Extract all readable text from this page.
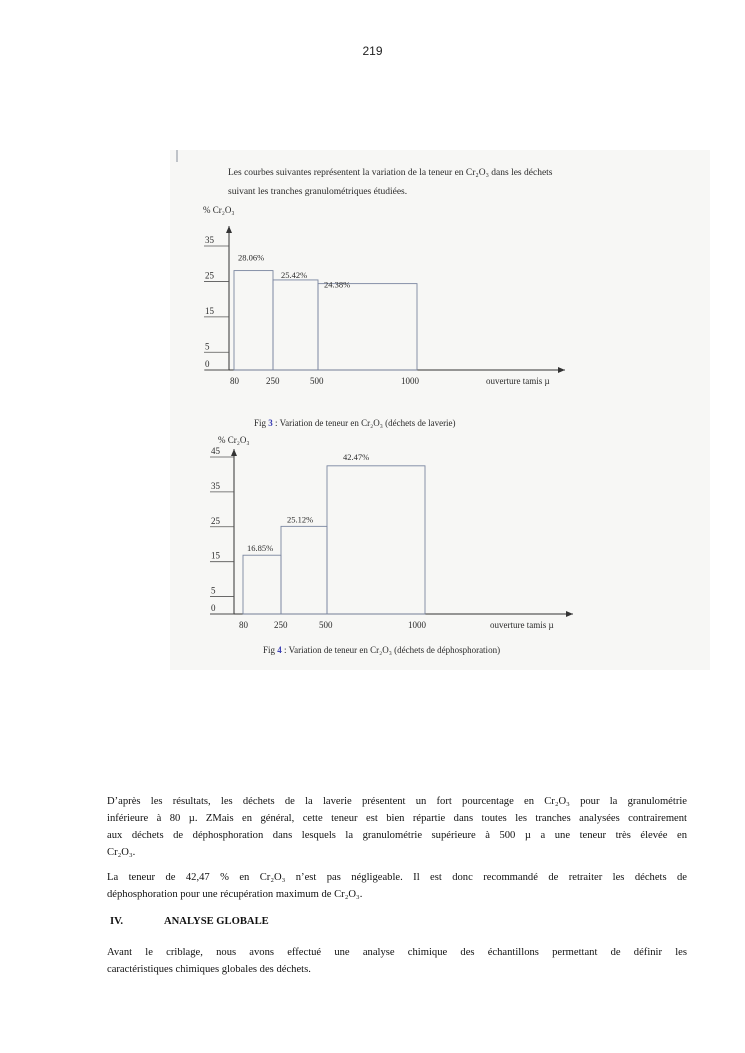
219
Les courbes suivantes représentent la variation de la teneur en Cr₂O₃ dans les déchets
suivant les tranches granulométriques étudiées.
0
5
15
25
35
28.06%
25.42%
24.38%
80	250	500	1000	ouverture tamis µ
% Cr₂O₃
Fig 3 : Variation de teneur en Cr₂O₃ (déchets de laverie)
0
5
15
25
35
45
16.85%
25.12%
42.47%
80	250	500	1000	ouverture tamis µ
% Cr₂O₃
Fig 4 : Variation de teneur en Cr₂O₃ (déchets de déphosphoration)
D’après les résultats, les déchets de la laverie présentent un fort pourcentage en Cr₂O₃ pour la granulométrie
inférieure à 80 µ. ZMais en général, cette teneur est bien répartie dans toutes les tranches analysées contrairement
aux déchets de déphosphoration dans lesquels la granulométrie supérieure à 500 µ a une teneur très élevée en
Cr₂O₃.
La teneur de 42,47 % en Cr₂O₃ n’est pas négligeable. Il est donc recommandé de retraiter les déchets de
déphosphoration pour une récupération maximum de Cr₂O₃.
IV.	ANALYSE GLOBALE
Avant le criblage, nous avons effectué une analyse chimique des échantillons permettant de définir les
caractéristiques chimiques globales des déchets.
